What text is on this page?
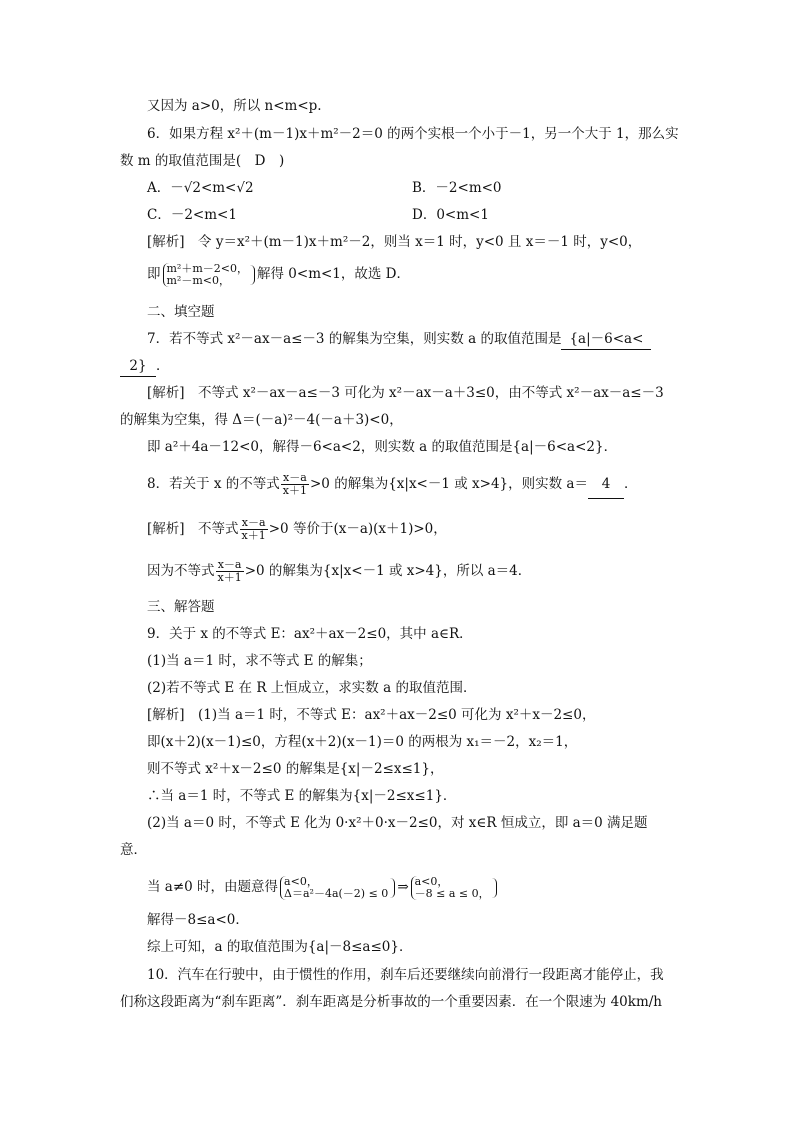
又因为 a>0，所以 n<m<p.
6．如果方程 x²＋(m－1)x＋m²－2＝0 的两个实根一个小于－1，另一个大于 1，那么实
数 m 的取值范围是(　D　)
A．－√2<m<√2	B．－2<m<0
C．－2<m<1	D．0<m<1
[解析]　令 y＝x²＋(m－1)x＋m²－2，则当 x＝1 时，y<0 且 x＝－1 时，y<0，
即 m²＋m－2<0，
m²－m<0，	解得 0<m<1，故选 D．
二、填空题
7．若不等式 x²－ax－a≤－3 的解集为空集，则实数 a 的取值范围是 {a|－6<a<
2} ．
[解析]　不等式 x²－ax－a≤－3 可化为 x²－ax－a＋3≤0，由不等式 x²－ax－a≤－3
的解集为空集，得 Δ＝(－a)²－4(－a＋3)<0，
即 a²＋4a－12<0，解得－6<a<2，则实数 a 的取值范围是{a|－6<a<2}．
8．若关于 x 的不等式 $\frac{x-a}{x+1} >0$ 的解集为{x|x<－1 或 x>4}，则实数 a＝ 4 ．
[解析]　不等式 $\frac{x-a}{x+1} >0$ 等价于(x－a)(x＋1)>0，
因为不等式 $\frac{x-a}{x+1} >0$ 的解集为{x|x<－1 或 x>4}，所以 a＝4．
三、解答题
9．关于 x 的不等式 E：ax²＋ax－2≤0，其中 a∈R．
(1)当 a＝1 时，求不等式 E 的解集；
(2)若不等式 E 在 R 上恒成立，求实数 a 的取值范围．
[解析]　(1)当 a＝1 时，不等式 E：ax²＋ax－2≤0 可化为 x²＋x－2≤0，
即(x＋2)(x－1)≤0，方程(x＋2)(x－1)＝0 的两根为 x₁＝－2，x₂＝1，
则不等式 x²＋x－2≤0 的解集是{x|－2≤x≤1}，
∴当 a＝1 时，不等式 E 的解集为{x|－2≤x≤1}．
(2)当 a＝0 时，不等式 E 化为 0·x²＋0·x－2≤0，对 x∈R 恒成立，即 a＝0 满足题
意．
当 a≠0 时，由题意得 a<0，
Δ＝a²－4a(－2) ≤ 0 ⇒ a<0，
－8 ≤ a ≤ 0，
解得－8≤a<0．
综上可知，a 的取值范围为{a|－8≤a≤0}．
10．汽车在行驶中，由于惯性的作用，刹车后还要继续向前滑行一段距离才能停止，我
们称这段距离为“刹车距离”．刹车距离是分析事故的一个重要因素．在一个限速为 40km/h
